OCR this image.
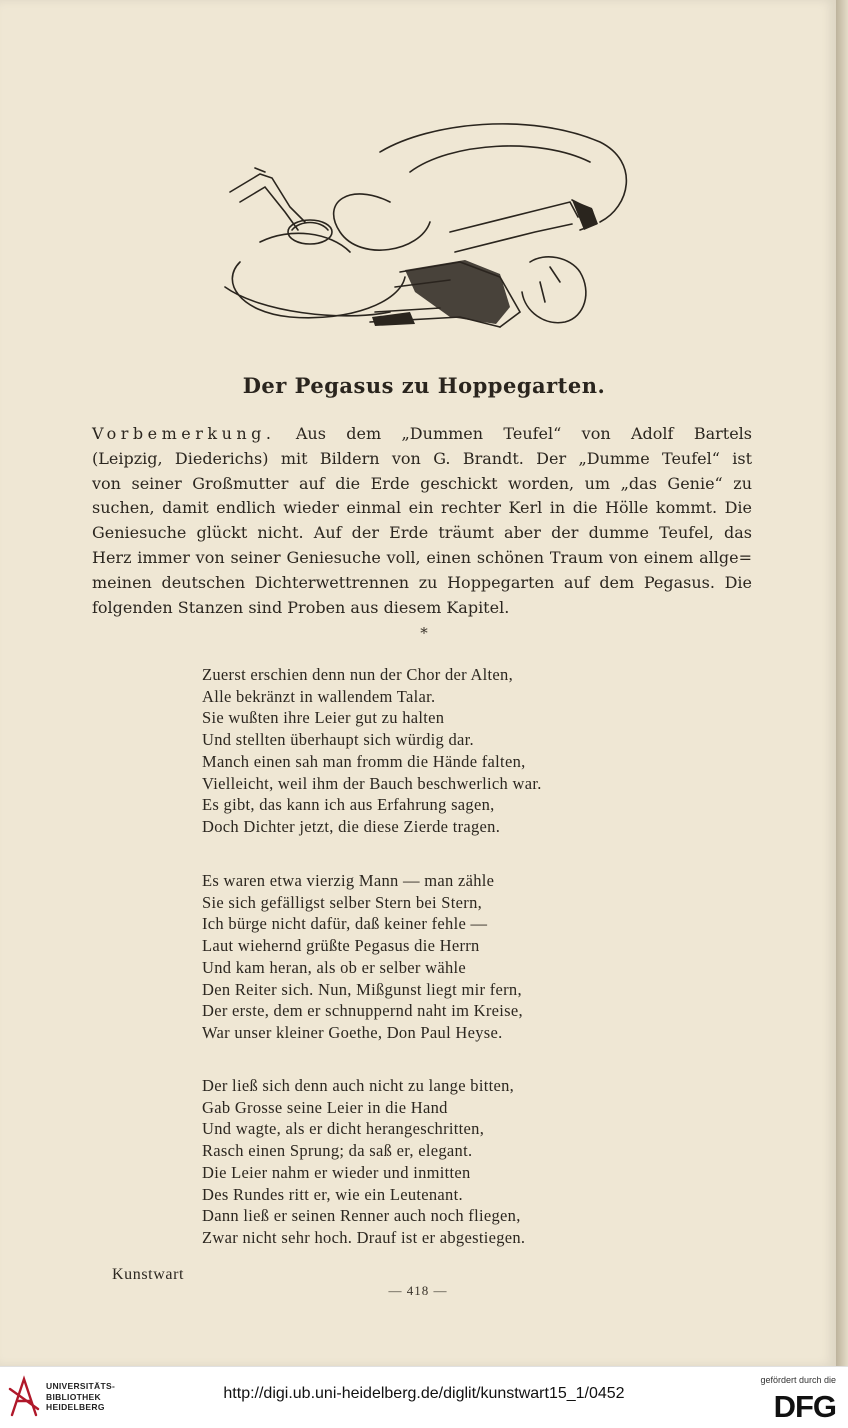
Der Pegasus zu Hoppegarten.
Vorbemerkung. Aus dem „Dummen Teufel“ von Adolf Bartels
(Leipzig, Diederichs) mit Bildern von G. Brandt. Der „Dumme Teufel“ ist
von seiner Großmutter auf die Erde geschickt worden, um „das Genie“ zu
suchen, damit endlich wieder einmal ein rechter Kerl in die Hölle kommt. Die
Geniesuche glückt nicht. Auf der Erde träumt aber der dumme Teufel, das
Herz immer von seiner Geniesuche voll, einen schönen Traum von einem allge=
meinen deutschen Dichterwettrennen zu Hoppegarten auf dem Pegasus. Die
folgenden Stanzen sind Proben aus diesem Kapitel.
*
Zuerst erschien denn nun der Chor der Alten,
Alle bekränzt in wallendem Talar.
Sie wußten ihre Leier gut zu halten
Und stellten überhaupt sich würdig dar.
Manch einen sah man fromm die Hände falten,
Vielleicht, weil ihm der Bauch beschwerlich war.
Es gibt, das kann ich aus Erfahrung sagen,
Doch Dichter jetzt, die diese Zierde tragen.
Es waren etwa vierzig Mann — man zähle
Sie sich gefälligst selber Stern bei Stern,
Ich bürge nicht dafür, daß keiner fehle —
Laut wiehernd grüßte Pegasus die Herrn
Und kam heran, als ob er selber wähle
Den Reiter sich. Nun, Mißgunst liegt mir fern,
Der erste, dem er schnuppernd naht im Kreise,
War unser kleiner Goethe, Don Paul Heyse.
Der ließ sich denn auch nicht zu lange bitten,
Gab Grosse seine Leier in die Hand
Und wagte, als er dicht herangeschritten,
Rasch einen Sprung; da saß er, elegant.
Die Leier nahm er wieder und inmitten
Des Rundes ritt er, wie ein Leutenant.
Dann ließ er seinen Renner auch noch fliegen,
Zwar nicht sehr hoch. Drauf ist er abgestiegen.
Kunstwart
— 418 —
UNIVERSITÄTS-
BIBLIOTHEK
HEIDELBERG
http://digi.ub.uni-heidelberg.de/diglit/kunstwart15_1/0452
gefördert durch die
DFG
